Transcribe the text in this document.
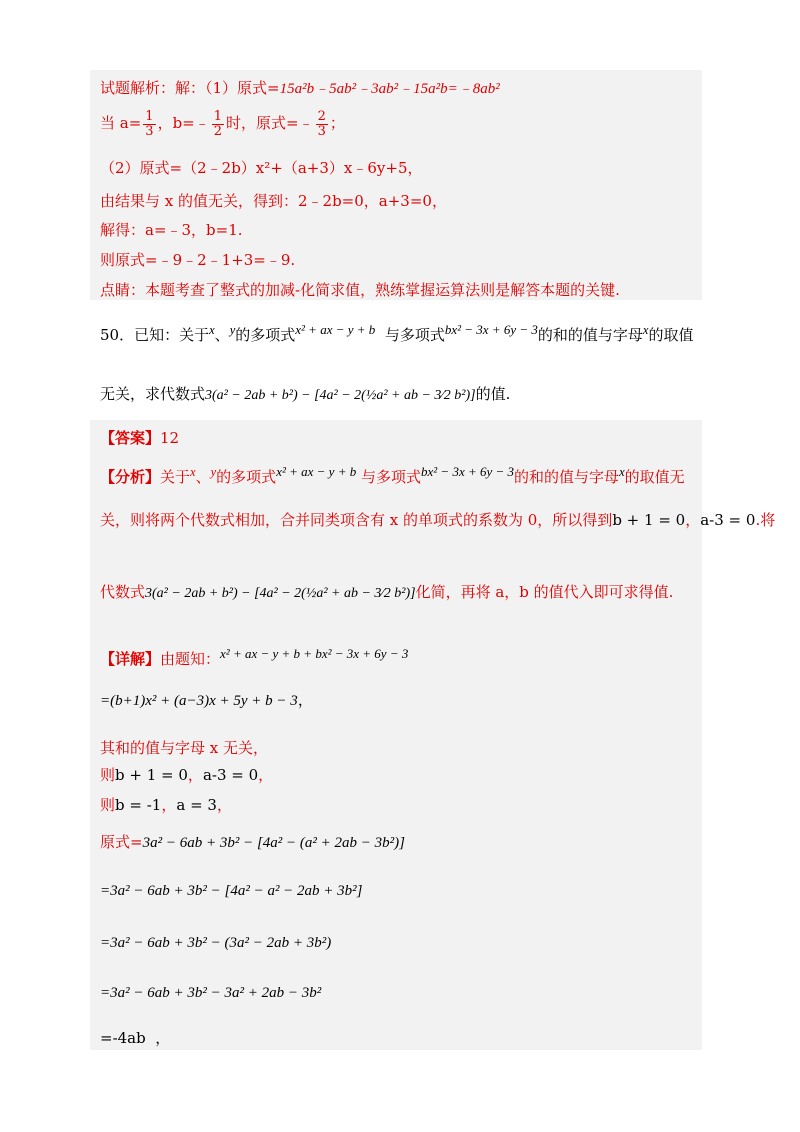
试题解析：解：（1）原式=15a²b﹣5ab²﹣3ab²﹣15a²b=﹣8ab²
当 $a= \frac{1}{3}$ ，b=﹣ $\frac{1}{2}$ 时，原式=﹣ $\frac{2}{3}$ ；
（2）原式=（2﹣2b）x²+（a+3）x﹣6y+5，
由结果与 x 的值无关，得到：2﹣2b=0，a+3=0，
解得：a=﹣3，b=1.
则原式=﹣9﹣2﹣1+3=﹣9.
点睛：本题考查了整式的加减-化简求值，熟练掌握运算法则是解答本题的关键.
50．已知：关于$^x$、$^y$的多项式$^{x^2 + ax - y + b}$ 与多项式$^{bx^2 - 3x + 6y - 3}$的和的值与字母$^x$的取值
无关，求代数式3(a² − 2ab + b²) − [4a² − 2(½a² + ab − 3⁄2 b²)]的值.
【答案】12
【分析】关于$^x$、$^y$的多项式$^{x^2 + ax - y + b}$ 与多项式$^{bx^2 - 3x + 6y - 3}$的和的值与字母$^x$的取值无
关，则将两个代数式相加，合并同类项含有 x 的单项式的系数为 0，所以得到b + 1 = 0，a-3 = 0.将
代数式3(a² − 2ab + b²) − [4a² − 2(½a² + ab − 3⁄2 b²)]化简，再将 a，b 的值代入即可求得值.
【详解】由题知：$^{x^2 + ax - y + b + bx^2 - 3x + 6y - 3}$
=(b+1)x² + (a−3)x + 5y + b − 3，
其和的值与字母 x 无关，
则b + 1 = 0，a-3 = 0，
则b = -1，a = 3，
原式=3a² − 6ab + 3b² − [4a² − (a² + 2ab − 3b²)]
=3a² − 6ab + 3b² − [4a² − a² − 2ab + 3b²]
=3a² − 6ab + 3b² − (3a² − 2ab + 3b²)
=3a² − 6ab + 3b² − 3a² + 2ab − 3b²
=-4ab ，
